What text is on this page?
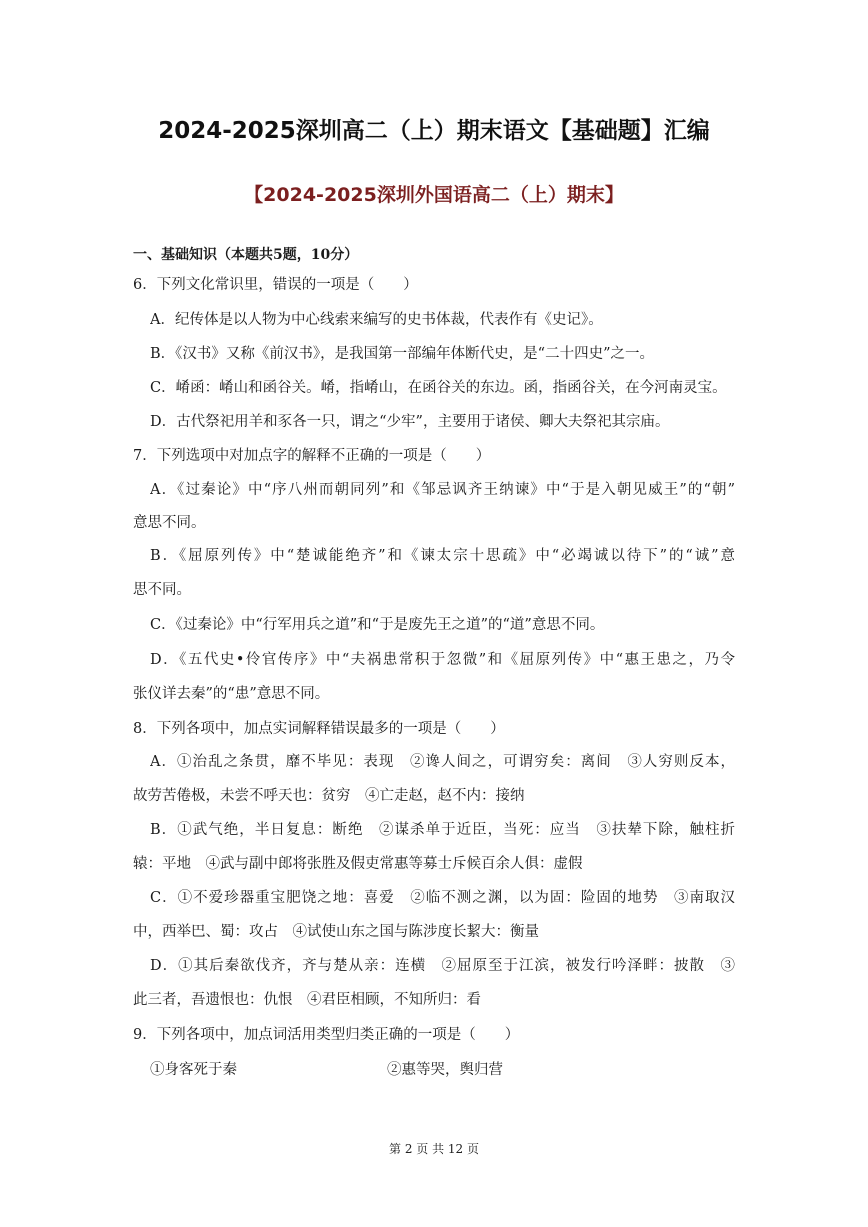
2024-2025深圳高二（上）期末语文【基础题】汇编
【2024-2025深圳外国语高二（上）期末】
一、基础知识（本题共5题，10分）
6．下列文化常识里，错误的一项是（　　）
A．纪传体是以人物为中心线索来编写的史书体裁，代表作有《史记》。
B．《汉书》又称《前汉书》，是我国第一部编年体断代史，是“二十四史”之一。
C．崤函：崤山和函谷关。崤，指崤山，在函谷关的东边。函，指函谷关，在今河南灵宝。
D．古代祭祀用羊和豕各一只，谓之“少牢”，主要用于诸侯、卿大夫祭祀其宗庙。
7．下列选项中对加点字的解释不正确的一项是（　　）
A．《过秦论》中“序八州而朝同列”和《邹忌讽齐王纳谏》中“于是入朝见威王”的“朝”
意思不同。
B．《屈原列传》中“楚诚能绝齐”和《谏太宗十思疏》中“必竭诚以待下”的“诚”意
思不同。
C．《过秦论》中“行军用兵之道”和“于是废先王之道”的“道”意思不同。
D．《五代史•伶官传序》中“夫祸患常积于忽微”和《屈原列传》中“惠王患之，乃令
张仪详去秦”的“患”意思不同。
8．下列各项中，加点实词解释错误最多的一项是（　　）
A．①治乱之条贯，靡不毕见：表现　②谗人间之，可谓穷矣：离间　③人穷则反本，
故劳苦倦极，未尝不呼天也：贫穷　④亡走赵，赵不内：接纳
B．①武气绝，半日复息：断绝　②谋杀单于近臣，当死：应当　③扶辇下除，触柱折
辕：平地　④武与副中郎将张胜及假吏常惠等募士斥候百余人俱：虚假
C．①不爱珍器重宝肥饶之地：喜爱　②临不测之渊，以为固：险固的地势　③南取汉
中，西举巴、蜀：攻占　④试使山东之国与陈涉度长絜大：衡量
D．①其后秦欲伐齐，齐与楚从亲：连横　②屈原至于江滨，被发行吟泽畔：披散　③
此三者，吾遗恨也：仇恨　④君臣相顾，不知所归：看
9．下列各项中，加点词活用类型归类正确的一项是（　　）
①身客死于秦	②惠等哭，舆归营
第 2 页 共 12 页
